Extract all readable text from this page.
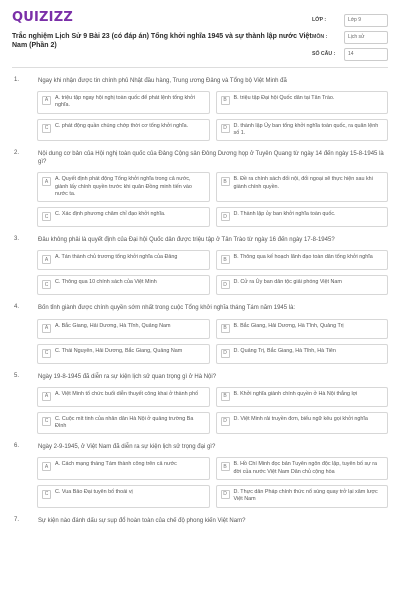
QUIZIZZ
Trắc nghiệm Lịch Sử 9 Bài 23 (có đáp án) Tổng khởi nghĩa 1945 và sự thành lập nước Việt Nam (Phần 2)
LỚP :	Lớp 9
MÔN :	Lịch sử
SỐ CÂU :	14
1.	Ngay khi nhận được tin chính phủ Nhật đầu hàng, Trung ương Đảng và Tổng bộ Việt Minh đã
A	A. triệu tập ngay hội nghị toàn quốc để phát lệnh tổng khởi nghĩa.
B	B. triệu tập Đại hội Quốc dân tại Tân Trào.
C	C. phát động quần chúng chớp thời cơ tổng khởi nghĩa.	D	D. thành lập Ủy ban tổng khởi nghĩa toàn quốc, ra quân lệnh số 1.
2.	Nội dung cơ bản của Hội nghị toàn quốc của Đảng Cộng sản Đông Dương họp ở Tuyên Quang từ ngày 14 đến ngày 15-8-1945 là gì?
A	A. Quyết định phát động Tổng khởi nghĩa trong cả nước, giành lấy chính quyền trước khi quân Đồng minh tiến vào nước ta.
B	B. Đề ra chính sách đối nội, đối ngoại sẽ thực hiện sau khi giành chính quyền.
C	C. Xác định phương châm chỉ đạo khởi nghĩa.	D	D. Thành lập ủy ban khởi nghĩa toàn quốc.
3.	Đâu không phải là quyết định của Đại hội Quốc dân được triệu tập ở Tân Trào từ ngày 16 đến ngày 17-8-1945?
A	A. Tán thành chủ trương tổng khởi nghĩa của Đảng	B	B. Thông qua kế hoạch lãnh đạo toàn dân tổng khởi nghĩa
C	C. Thông qua 10 chính sách của Việt Minh	D	D. Cử ra Ủy ban dân tộc giải phóng Việt Nam
4.	Bốn tỉnh giành được chính quyền sớm nhất trong cuộc Tổng khởi nghĩa tháng Tám năm 1945 là:
A	A. Bắc Giang, Hải Dương, Hà Tĩnh, Quảng Nam	B	B. Bắc Giang, Hải Dương, Hà Tĩnh, Quảng Trị
C	C. Thái Nguyên, Hải Dương, Bắc Giang, Quảng Nam	D	D. Quảng Trị, Bắc Giang, Hà Tĩnh, Hà Tiên
5.	Ngày 19-8-1945 đã diễn ra sự kiện lịch sử quan trọng gì ở Hà Nội?
A	A. Việt Minh tổ chức buổi diễn thuyết công khai ở thành phố	B	B. Khởi nghĩa giành chính quyền ở Hà Nội thắng lợi
C	C. Cuộc mít tinh của nhân dân Hà Nội ở quảng trường Ba Đình
D	D. Việt Minh rải truyền đơn, biểu ngữ kêu gọi khởi nghĩa
6.	Ngày 2-9-1945, ở Việt Nam đã diễn ra sự kiện lịch sử trọng đại gì?
A	A. Cách mạng tháng Tám thành công trên cả nước	B	B. Hồ Chí Minh đọc bản Tuyên ngôn độc lập, tuyên bố sự ra đời của nước Việt Nam Dân chủ cộng hòa
C	C. Vua Bảo Đại tuyên bố thoái vị	D	D. Thực dân Pháp chính thức nổ súng quay trở lại xâm lược Việt Nam
7.	Sự kiện nào đánh dấu sự sụp đổ hoàn toàn của chế độ phong kiến Việt Nam?
